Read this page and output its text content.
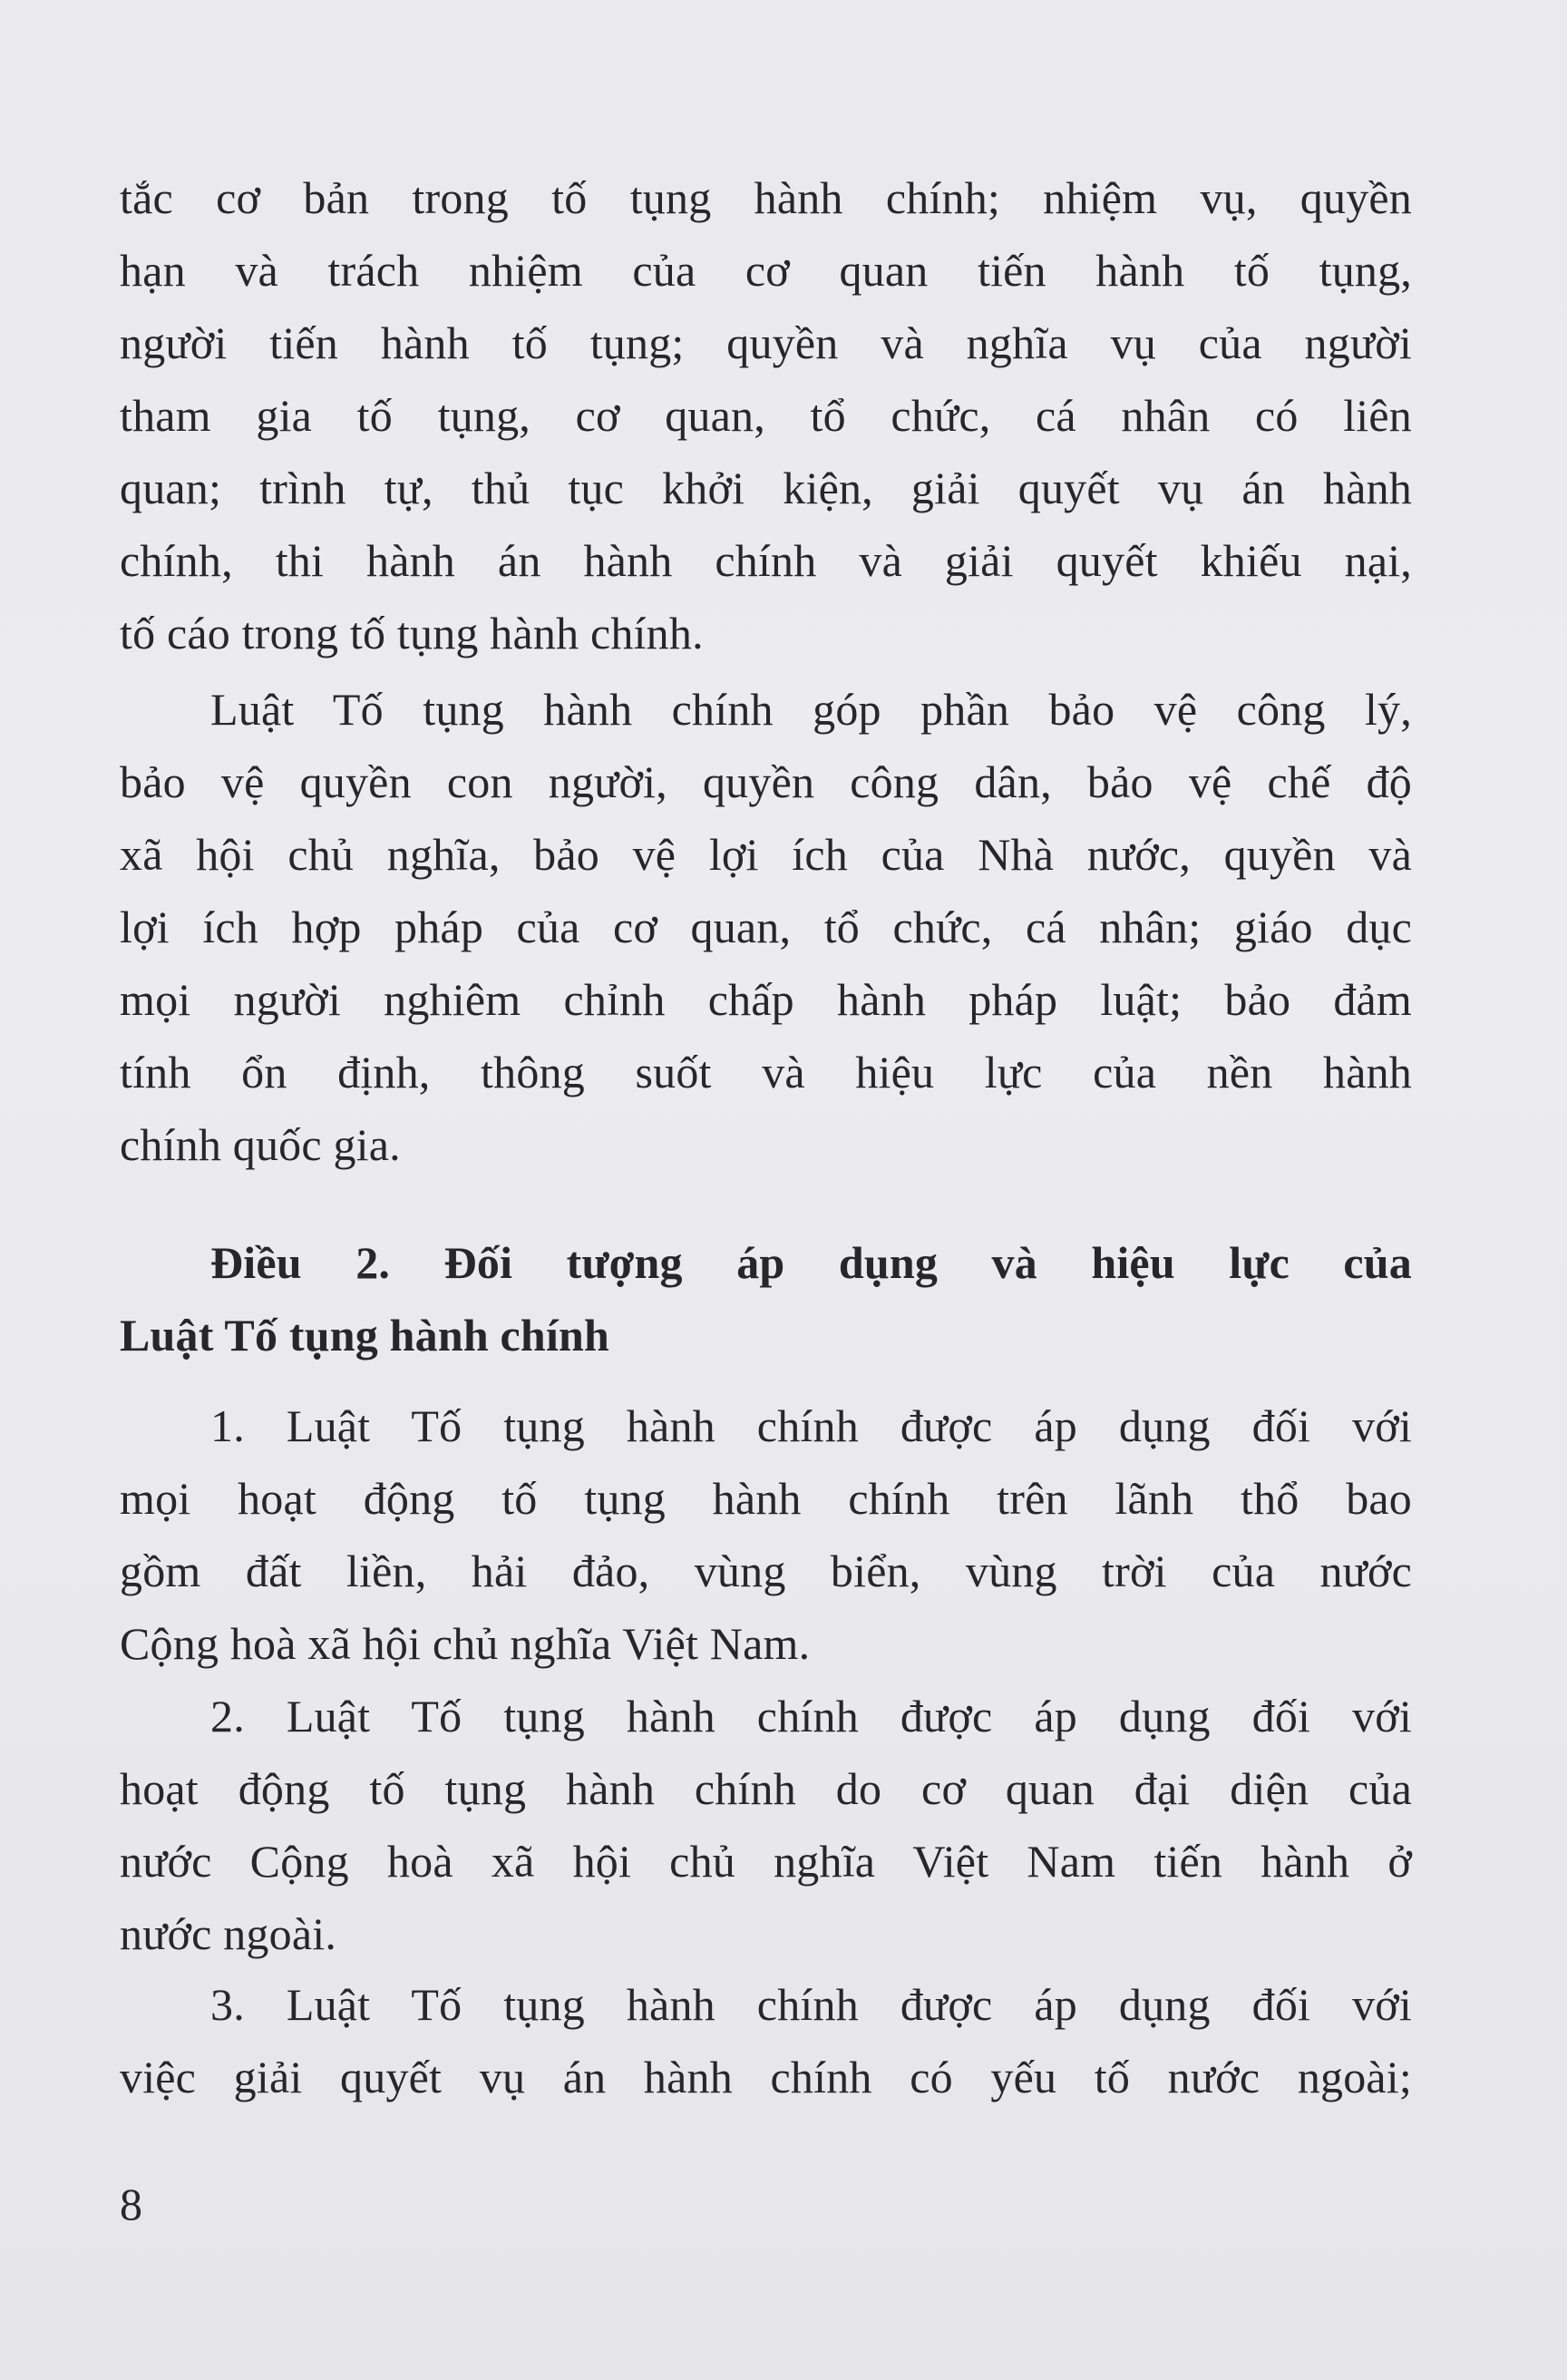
tắc cơ bản trong tố tụng hành chính; nhiệm vụ, quyền
hạn và trách nhiệm của cơ quan tiến hành tố tụng,
người tiến hành tố tụng; quyền và nghĩa vụ của người
tham gia tố tụng, cơ quan, tổ chức, cá nhân có liên
quan; trình tự, thủ tục khởi kiện, giải quyết vụ án hành
chính, thi hành án hành chính và giải quyết khiếu nại,
tố cáo trong tố tụng hành chính.
Luật Tố tụng hành chính góp phần bảo vệ công lý,
bảo vệ quyền con người, quyền công dân, bảo vệ chế độ
xã hội chủ nghĩa, bảo vệ lợi ích của Nhà nước, quyền và
lợi ích hợp pháp của cơ quan, tổ chức, cá nhân; giáo dục
mọi người nghiêm chỉnh chấp hành pháp luật; bảo đảm
tính ổn định, thông suốt và hiệu lực của nền hành
chính quốc gia.
Điều 2. Đối tượng áp dụng và hiệu lực của
Luật Tố tụng hành chính
1. Luật Tố tụng hành chính được áp dụng đối với
mọi hoạt động tố tụng hành chính trên lãnh thổ bao
gồm đất liền, hải đảo, vùng biển, vùng trời của nước
Cộng hoà xã hội chủ nghĩa Việt Nam.
2. Luật Tố tụng hành chính được áp dụng đối với
hoạt động tố tụng hành chính do cơ quan đại diện của
nước Cộng hoà xã hội chủ nghĩa Việt Nam tiến hành ở
nước ngoài.
3. Luật Tố tụng hành chính được áp dụng đối với
việc giải quyết vụ án hành chính có yếu tố nước ngoài;
8
